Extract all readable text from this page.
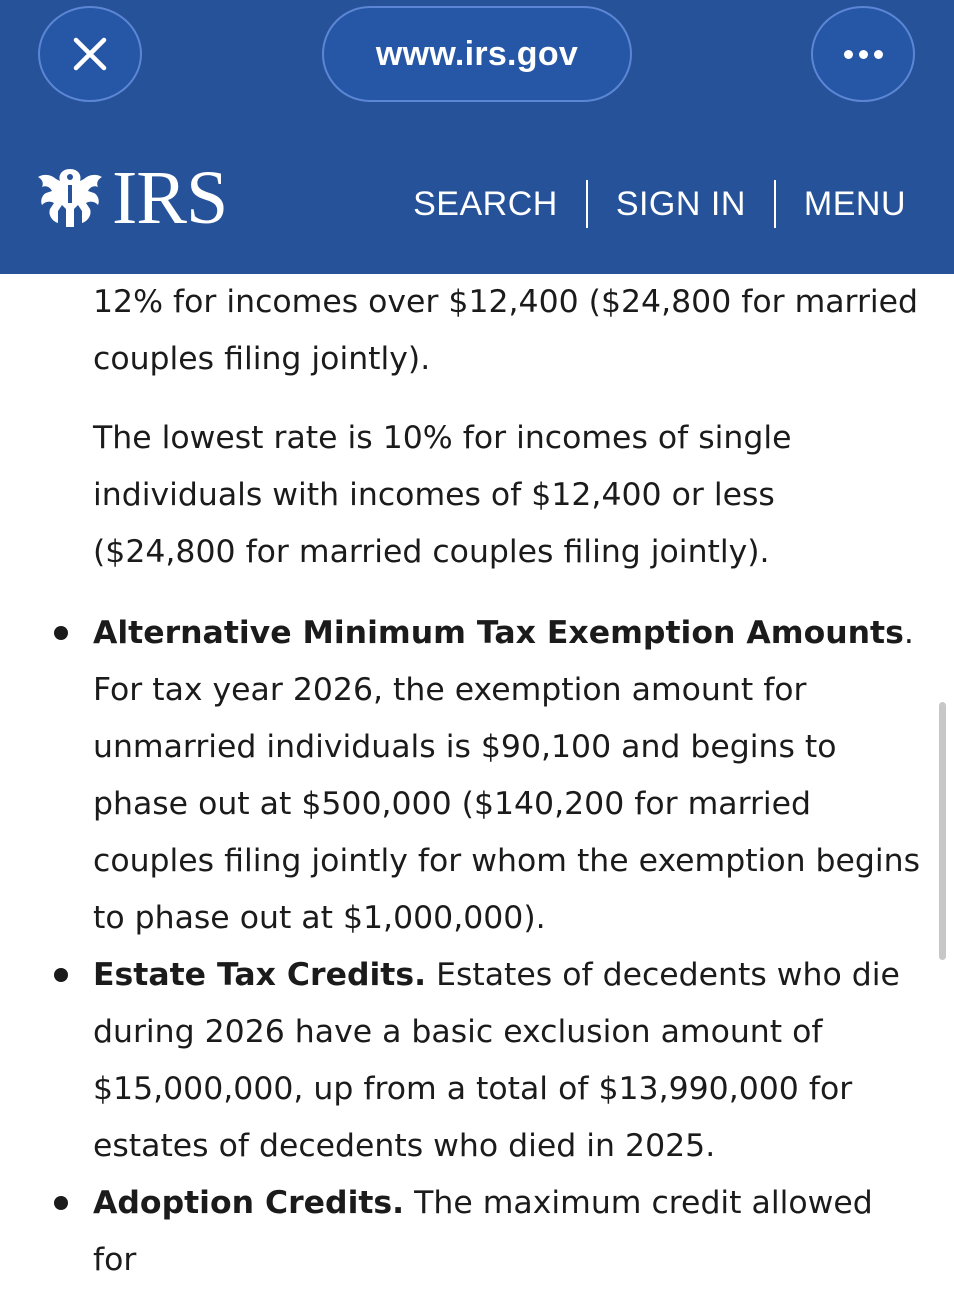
www.irs.gov
IRS	SEARCH	SIGN IN	MENU

12% for incomes over $12,400 ($24,800 for married couples filing jointly).

The lowest rate is 10% for incomes of single individuals with incomes of $12,400 or less ($24,800 for married couples filing jointly).

Alternative Minimum Tax Exemption Amounts.
For tax year 2026, the exemption amount for unmarried individuals is $90,100 and begins to phase out at $500,000 ($140,200 for married couples filing jointly for whom the exemption begins to phase out at $1,000,000).

Estate Tax Credits. Estates of decedents who die during 2026 have a basic exclusion amount of $15,000,000, up from a total of $13,990,000 for estates of decedents who died in 2025.

Adoption Credits. The maximum credit allowed for
